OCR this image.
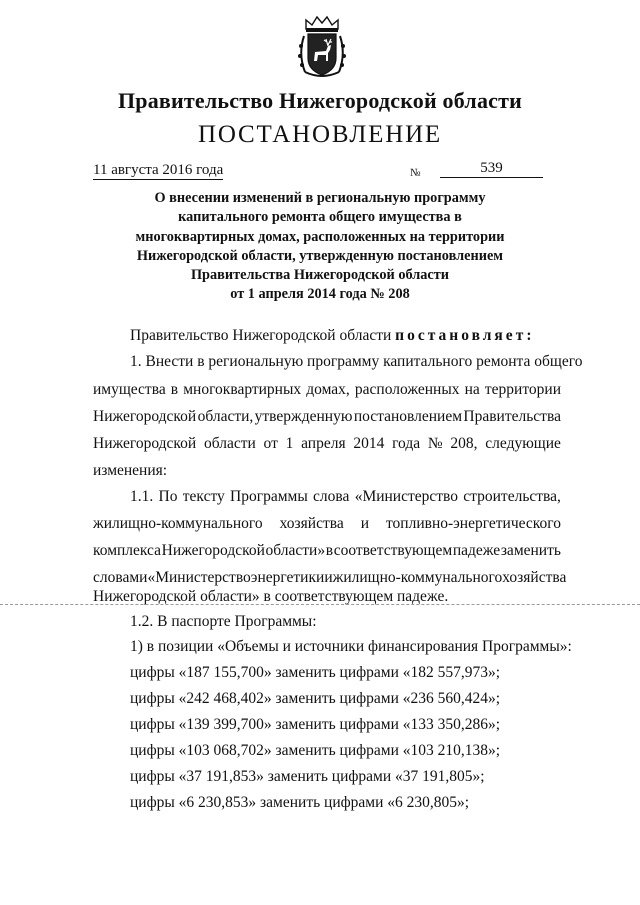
Правительство Нижегородской области
ПОСТАНОВЛЕНИЕ
11 августа 2016 года	№	539
О внесении изменений в региональную программу
капитального ремонта общего имущества в
многоквартирных домах, расположенных на территории
Нижегородской области, утвержденную постановлением
Правительства Нижегородской области
от 1 апреля 2014 года № 208
Правительство Нижегородской области постановляет:
1. Внести в региональную программу капитального ремонта общего
имущества в многоквартирных домах, расположенных на территории
Нижегородской области, утвержденную постановлением Правительства
Нижегородской области от 1 апреля 2014 года № 208, следующие
изменения:
1.1. По тексту Программы слова «Министерство строительства,
жилищно-коммунального хозяйства и топливно-энергетического
комплекса Нижегородской области» в соответствующем падеже заменить
словами «Министерство энергетики и жилищно-коммунального хозяйства
Нижегородской области» в соответствующем падеже.
1.2. В паспорте Программы:
1) в позиции «Объемы и источники финансирования Программы»:
цифры «187 155,700» заменить цифрами «182 557,973»;
цифры «242 468,402» заменить цифрами «236 560,424»;
цифры «139 399,700» заменить цифрами «133 350,286»;
цифры «103 068,702» заменить цифрами «103 210,138»;
цифры «37 191,853» заменить цифрами «37 191,805»;
цифры «6 230,853» заменить цифрами «6 230,805»;
